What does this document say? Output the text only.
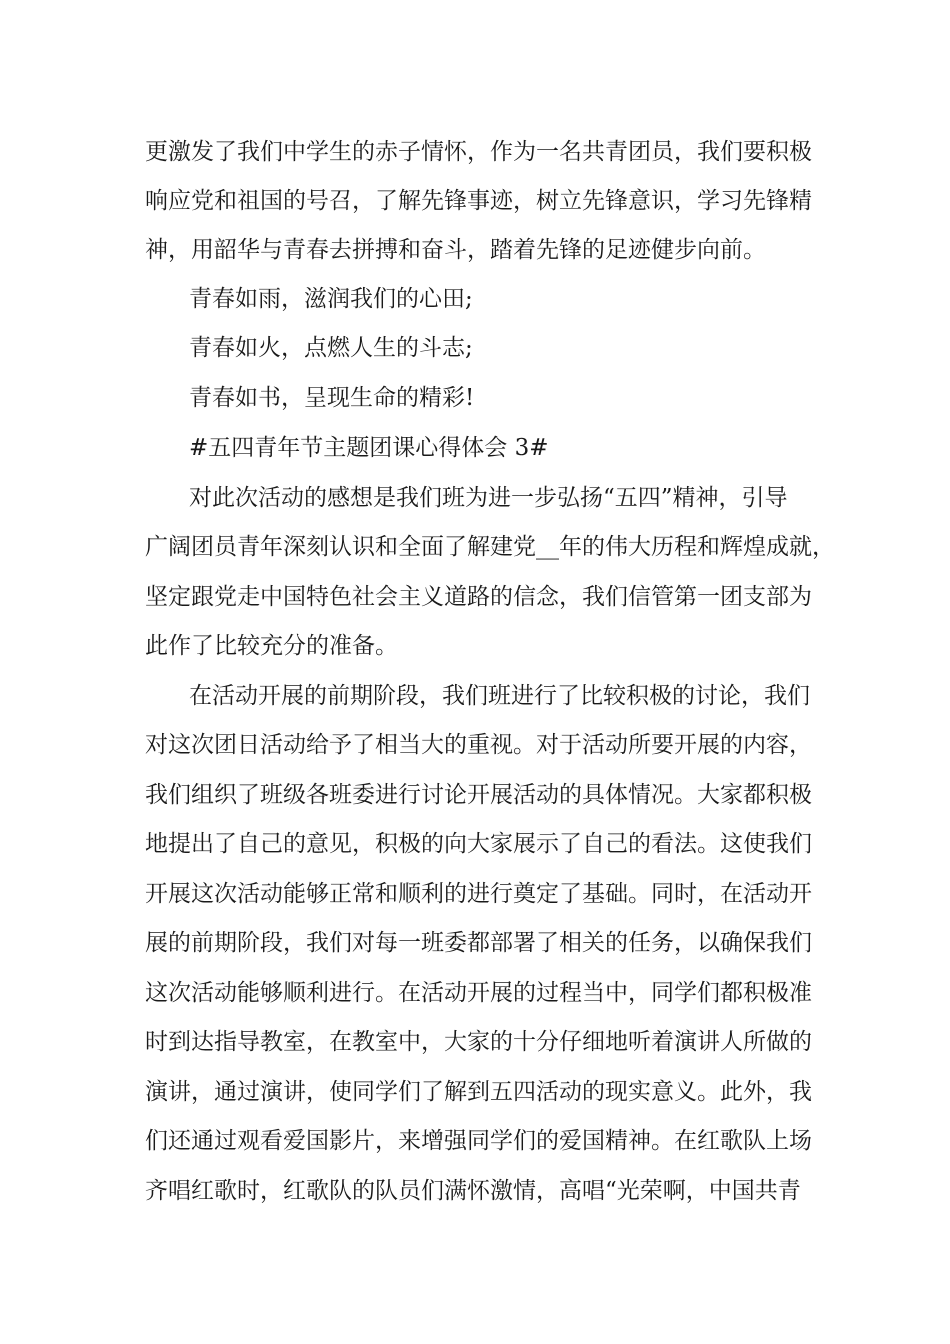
更激发了我们中学生的赤子情怀，作为一名共青团员，我们要积极
响应党和祖国的号召，了解先锋事迹，树立先锋意识，学习先锋精
神，用韶华与青春去拼搏和奋斗，踏着先锋的足迹健步向前。
青春如雨，滋润我们的心田;
青春如火，点燃人生的斗志;
青春如书，呈现生命的精彩!
#五四青年节主题团课心得体会 3#
对此次活动的感想是我们班为进一步弘扬“五四”精神，引导
广阔团员青年深刻认识和全面了解建党__年的伟大历程和辉煌成就，
坚定跟党走中国特色社会主义道路的信念，我们信管第一团支部为
此作了比较充分的准备。
在活动开展的前期阶段，我们班进行了比较积极的讨论，我们
对这次团日活动给予了相当大的重视。对于活动所要开展的内容，
我们组织了班级各班委进行讨论开展活动的具体情况。大家都积极
地提出了自己的意见，积极的向大家展示了自己的看法。这使我们
开展这次活动能够正常和顺利的进行奠定了基础。同时，在活动开
展的前期阶段，我们对每一班委都部署了相关的任务，以确保我们
这次活动能够顺利进行。在活动开展的过程当中，同学们都积极准
时到达指导教室，在教室中，大家的十分仔细地听着演讲人所做的
演讲，通过演讲，使同学们了解到五四活动的现实意义。此外，我
们还通过观看爱国影片，来增强同学们的爱国精神。在红歌队上场
齐唱红歌时，红歌队的队员们满怀激情，高唱“光荣啊，中国共青
